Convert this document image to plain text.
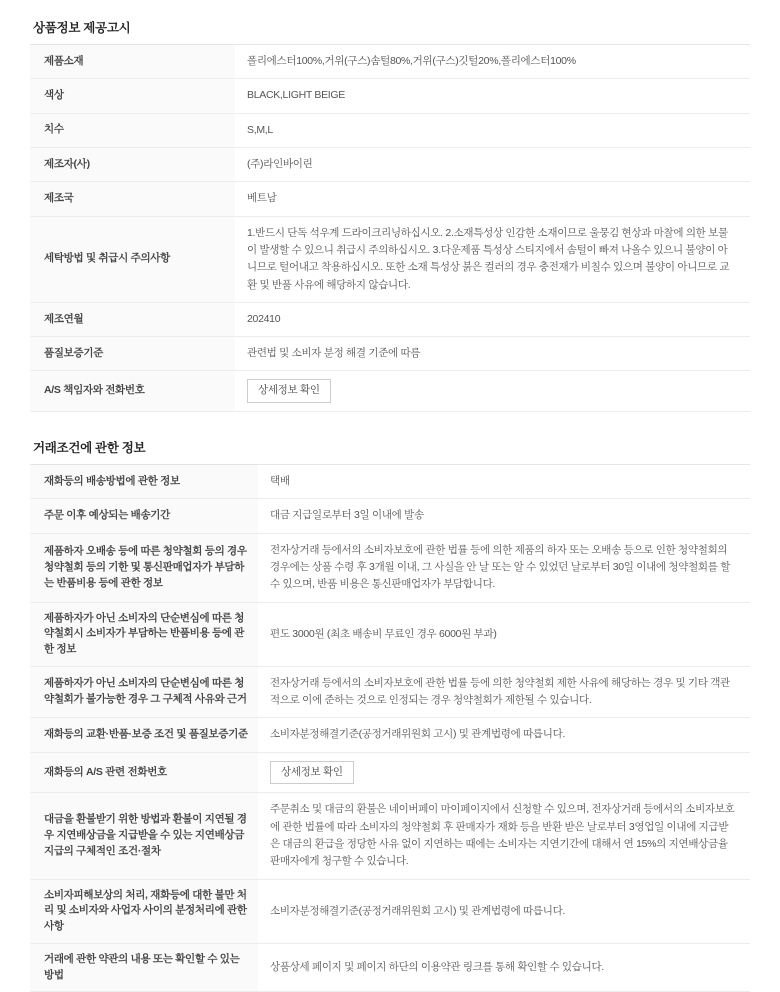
상품정보 제공고시
제품소재	폴리에스터100%,거위(구스)솜털80%,거위(구스)깃털20%,폴리에스터100%
색상	BLACK,LIGHT BEIGE
치수	S,M,L
제조자(사)	(주)라인바이린
제조국	베트남
세탁방법 및 취급시 주의사항	1.반드시 단독 석우계 드라이크리닝하십시오. 2.소재특성상 인감한 소재이므로 울뭉김 현상과 마찰에 의한 보물이 발생할 수 있으니 취급시 주의하십시오. 3.다운제품 특성상 스티지에서 솜털이 빠져 나올수 있으니 불양이 아니므로 털어내고 착용하십시오. 또한 소재 특성상 붉은 컬러의 경우 충전재가 비칠수 있으며 불양이 아니므로 교환 및 반품 사유에 해당하지 않습니다.
제조연월	202410
품질보증기준	관련법 및 소비자 분정 해결 기준에 따름
A/S 책임자와 전화번호	상세정보 확인
거래조건에 관한 정보
재화등의 배송방법에 관한 정보	택배
주문 이후 예상되는 배송기간	대금 지급일로부터 3일 이내에 발송
제품하자 오배송 등에 따른 청약철회 등의 경우 청약철회 등의 기한 및 통신판매업자가 부담하는 반품비용 등에 관한 정보	전자상거래 등에서의 소비자보호에 관한 법률 등에 의한 제품의 하자 또는 오배송 등으로 인한 청약철회의 경우에는 상품 수령 후 3개월 이내, 그 사실을 안 날 또는 알 수 있었던 날로부터 30일 이내에 청약철회를 할 수 있으며, 반품 비용은 통신판매업자가 부담합니다.
제품하자가 아닌 소비자의 단순변심에 따른 청약철회시 소비자가 부담하는 반품비용 등에 관한 정보	편도 3000원 (최초 배송비 무료인 경우 6000원 부과)
제품하자가 아닌 소비자의 단순변심에 따른 청약철회가 불가능한 경우 그 구체적 사유와 근거	전자상거래 등에서의 소비자보호에 관한 법률 등에 의한 청약철회 제한 사유에 해당하는 경우 및 기타 객관적으로 이에 준하는 것으로 인정되는 경우 청약철회가 제한될 수 있습니다.
재화등의 교환·반품·보증 조건 및 품질보증기준	소비자분정해결기준(공정거래위원회 고시) 및 관계법령에 따릅니다.
재화등의 A/S 관련 전화번호	상세정보 확인
대금을 환불받기 위한 방법과 환불이 지연될 경우 지연배상금을 지급받을 수 있는 지연배상금 지급의 구체적인 조건·절차	주문취소 및 대금의 환불은 네이버페이 마이페이지에서 신청할 수 있으며, 전자상거래 등에서의 소비자보호에 관한 법률에 따라 소비자의 청약철회 후 판매자가 재화 등을 반환 받은 날로부터 3영업일 이내에 지급받은 대금의 환급을 정당한 사유 없이 지연하는 때에는 소비자는 지연기간에 대해서 연 15%의 지연배상금율 판매자에게 청구할 수 있습니다.
소비자피해보상의 처리, 재화등에 대한 불만 처리 및 소비자와 사업자 사이의 분정처리에 관한 사항	소비자분정해결기준(공정거래위원회 고시) 및 관계법령에 따릅니다.
거래에 관한 약관의 내용 또는 확인할 수 있는 방법	상품상세 페이지 및 페이지 하단의 이용약관 링크를 통해 확인할 수 있습니다.
